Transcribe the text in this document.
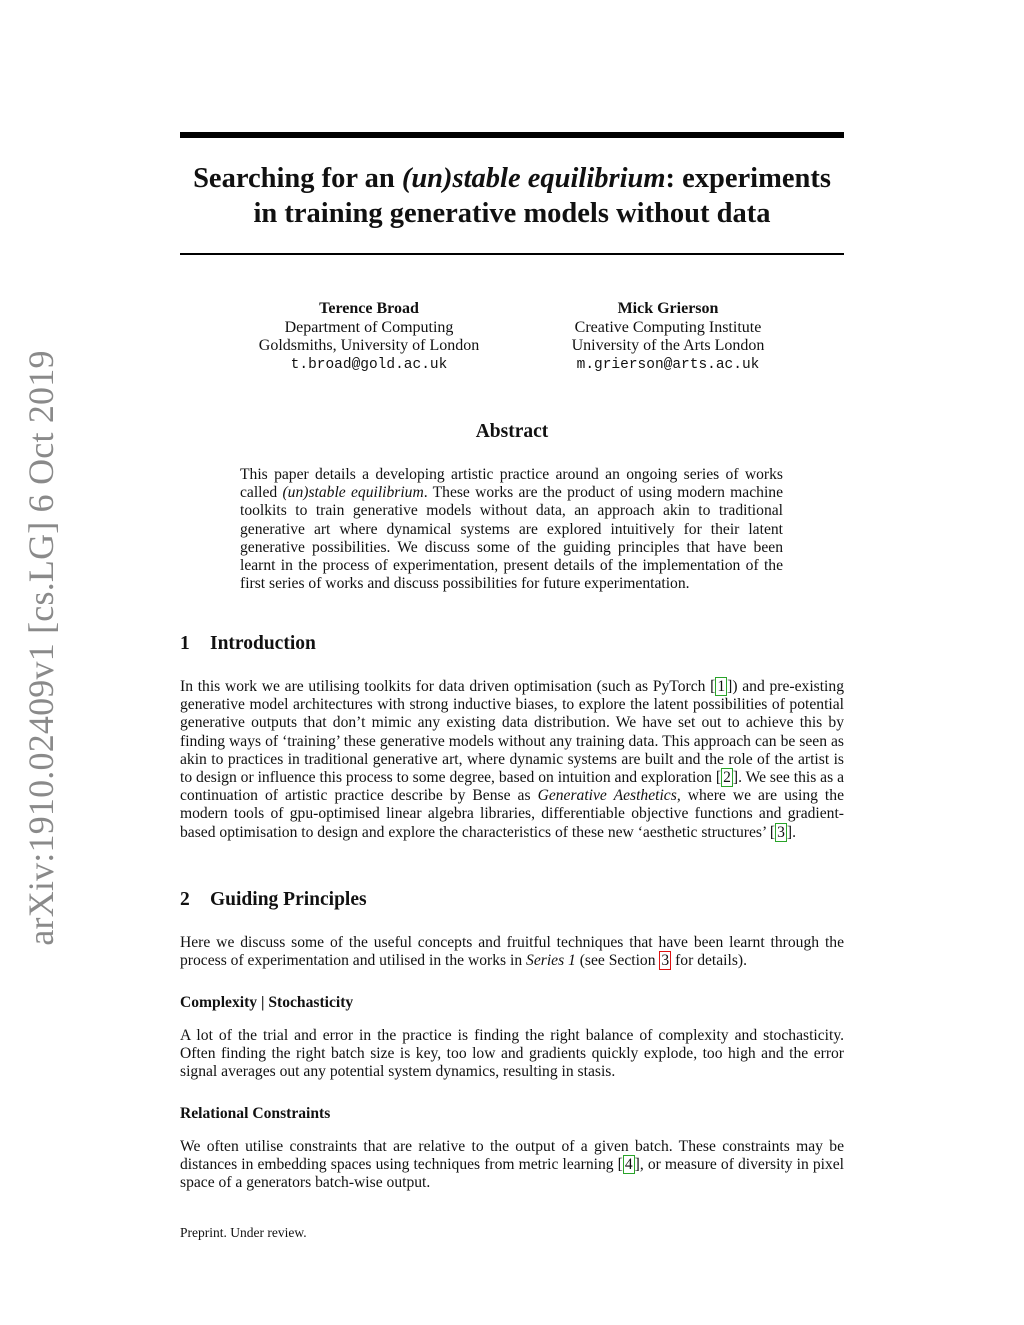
arXiv:1910.02409v1 [cs.LG] 6 Oct 2019
Searching for an (un)stable equilibrium: experiments
in training generative models without data
Terence Broad
Department of Computing
Goldsmiths, University of London
t.broad@gold.ac.uk
Mick Grierson
Creative Computing Institute
University of the Arts London
m.grierson@arts.ac.uk
Abstract
This paper details a developing artistic practice around an ongoing series of works called (un)stable equilibrium. These works are the product of using modern machine toolkits to train generative models without data, an approach akin to traditional generative art where dynamical systems are explored intuitively for their latent generative possibilities. We discuss some of the guiding principles that have been learnt in the process of experimentation, present details of the implementation of the first series of works and discuss possibilities for future experimentation.
1 Introduction
In this work we are utilising toolkits for data driven optimisation (such as PyTorch [ 1 ]) and pre-existing generative model architectures with strong inductive biases, to explore the latent possibilities of potential generative outputs that don’t mimic any existing data distribution. We have set out to achieve this by finding ways of ‘training’ these generative models without any training data. This approach can be seen as akin to practices in traditional generative art, where dynamic systems are built and the role of the artist is to design or influence this process to some degree, based on intuition and exploration [ 2 ]. We see this as a continuation of artistic practice describe by Bense as Generative Aesthetics, where we are using the modern tools of gpu-optimised linear algebra libraries, differentiable objective functions and gradient-based optimisation to design and explore the characteristics of these new ‘aesthetic structures’ [ 3 ].
2 Guiding Principles
Here we discuss some of the useful concepts and fruitful techniques that have been learnt through the process of experimentation and utilised in the works in Series 1 (see Section 3 for details).
Complexity | Stochasticity
A lot of the trial and error in the practice is finding the right balance of complexity and stochasticity. Often finding the right batch size is key, too low and gradients quickly explode, too high and the error signal averages out any potential system dynamics, resulting in stasis.
Relational Constraints
We often utilise constraints that are relative to the output of a given batch. These constraints may be distances in embedding spaces using techniques from metric learning [ 4 ], or measure of diversity in pixel space of a generators batch-wise output.
Preprint. Under review.
